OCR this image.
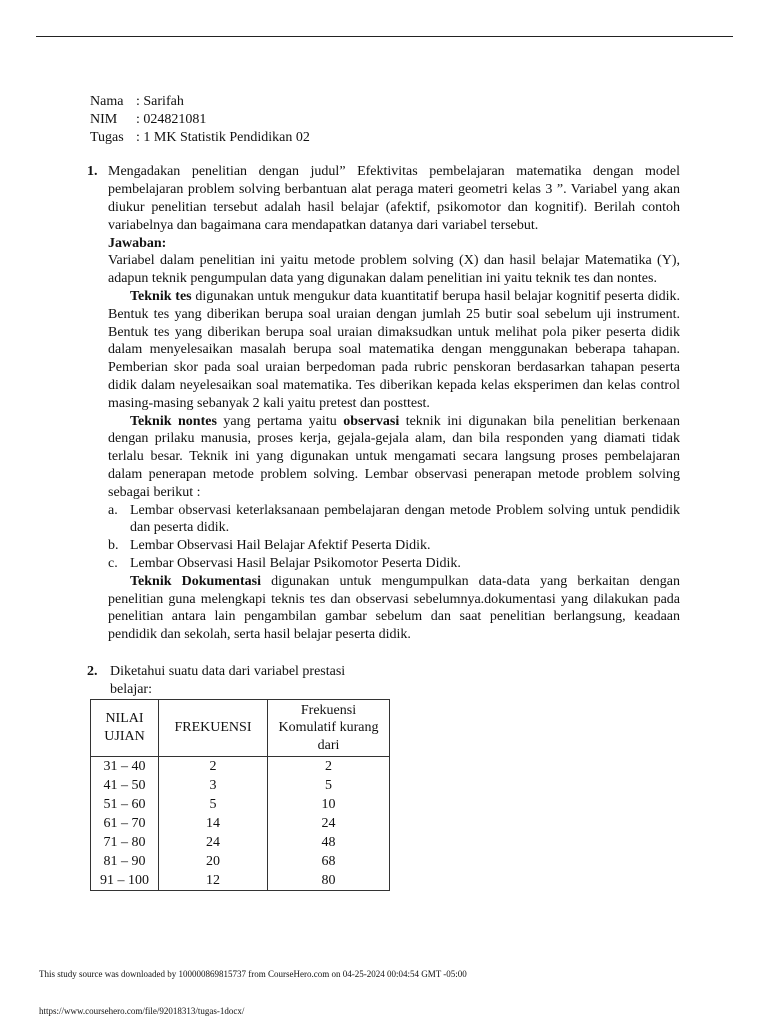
Nama : Sarifah
NIM	: 024821081
Tugas : 1 MK Statistik Pendidikan 02
1. Mengadakan penelitian dengan judul” Efektivitas pembelajaran matematika dengan model pembelajaran problem solving berbantuan alat peraga materi geometri kelas 3 ”. Variabel yang akan diukur penelitian tersebut adalah hasil belajar (afektif, psikomotor dan kognitif). Berilah contoh variabelnya dan bagaimana cara mendapatkan datanya dari variabel tersebut.
Jawaban:
Variabel dalam penelitian ini yaitu metode problem solving (X) dan hasil belajar Matematika (Y), adapun teknik pengumpulan data yang digunakan dalam penelitian ini yaitu teknik tes dan nontes.
Teknik tes digunakan untuk mengukur data kuantitatif berupa hasil belajar kognitif peserta didik. Bentuk tes yang diberikan berupa soal uraian dengan jumlah 25 butir soal sebelum uji instrument. Bentuk tes yang diberikan berupa soal uraian dimaksudkan untuk melihat pola piker peserta didik dalam menyelesaikan masalah berupa soal matematika dengan menggunakan beberapa tahapan. Pemberian skor pada soal uraian berpedoman pada rubric penskoran berdasarkan tahapan peserta didik dalam neyelesaikan soal matematika. Tes diberikan kepada kelas eksperimen dan kelas control masing-masing sebanyak 2 kali yaitu pretest dan posttest.
Teknik nontes yang pertama yaitu observasi teknik ini digunakan bila penelitian berkenaan dengan prilaku manusia, proses kerja, gejala-gejala alam, dan bila responden yang diamati tidak terlalu besar. Teknik ini yang digunakan untuk mengamati secara langsung proses pembelajaran dalam penerapan metode problem solving. Lembar observasi penerapan metode problem solving sebagai berikut :
a. Lembar observasi keterlaksanaan pembelajaran dengan metode Problem solving untuk pendidik dan peserta didik.
b. Lembar Observasi Hail Belajar Afektif Peserta Didik.
c. Lembar Observasi Hasil Belajar Psikomotor Peserta Didik.
Teknik Dokumentasi digunakan untuk mengumpulkan data-data yang berkaitan dengan penelitian guna melengkapi teknis tes dan observasi sebelumnya.dokumentasi yang dilakukan pada penelitian antara lain pengambilan gambar sebelum dan saat penelitian berlangsung, keadaan pendidik dan sekolah, serta hasil belajar peserta didik.
2. Diketahui suatu data dari variabel prestasi belajar:
NILAI UJIAN	FREKUENSI	Frekuensi Komulatif kurang dari
31 – 40	2	2
41 – 50	3	5
51 – 60	5	10
61 – 70	14	24
71 – 80	24	48
81 – 90	20	68
91 – 100	12	80
This study source was downloaded by 100000869815737 from CourseHero.com on 04-25-2024 00:04:54 GMT -05:00
https://www.coursehero.com/file/92018313/tugas-1docx/
